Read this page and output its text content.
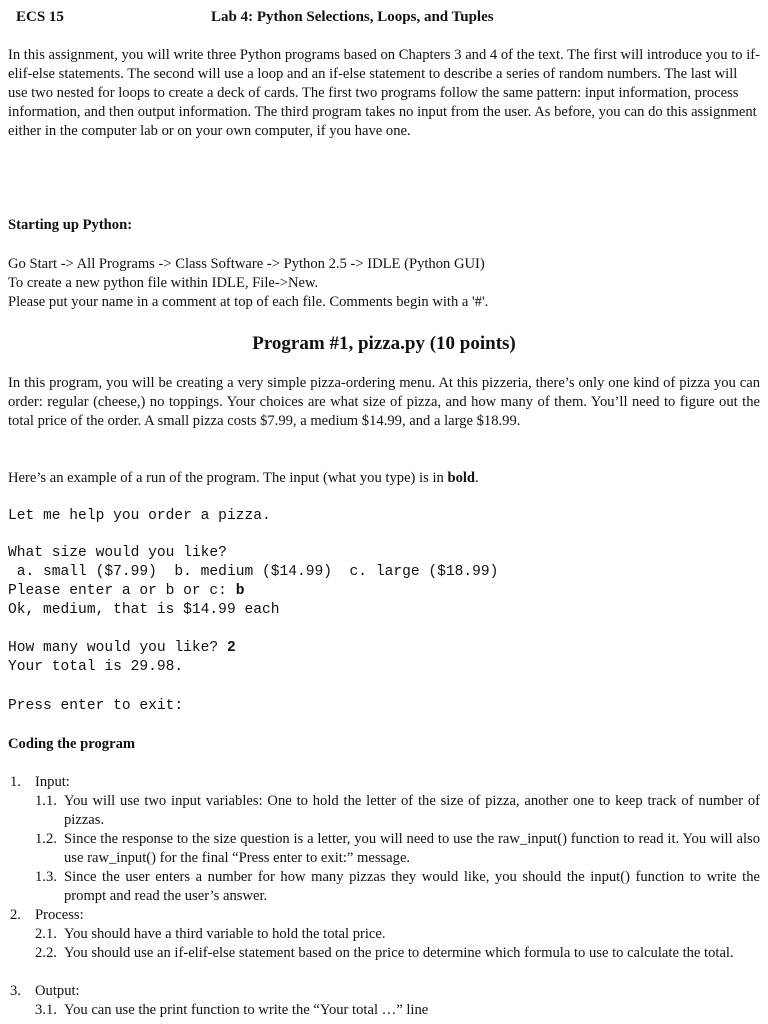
ECS 15	Lab 4: Python Selections, Loops, and Tuples

In this assignment, you will write three Python programs based on Chapters 3 and 4 of the text. The first will introduce you to if-elif-else statements. The second will use a loop and an if-else statement to describe a series of random numbers. The last will use two nested for loops to create a deck of cards. The first two programs follow the same pattern: input information, process information, and then output information. The third program takes no input from the user. As before, you can do this assignment either in the computer lab or on your own computer, if you have one.

Starting up Python:

Go Start -> All Programs -> Class Software -> Python 2.5 -> IDLE (Python GUI)

To create a new python file within IDLE, File->New.

Please put your name in a comment at top of each file. Comments begin with a '#'.

Program #1, pizza.py (10 points)

In this program, you will be creating a very simple pizza-ordering menu. At this pizzeria, there’s only one kind of pizza you can order: regular (cheese,) no toppings. Your choices are what size of pizza, and how many of them. You’ll need to figure out the total price of the order. A small pizza costs $7.99, a medium $14.99, and a large $18.99.

Here’s an example of a run of the program. The input (what you type) is in bold.

Let me help you order a pizza.
What size would you like?
a. small ($7.99)  b. medium ($14.99)  c. large ($18.99)
Please enter a or b or c: b
Ok, medium, that is $14.99 each
How many would you like? 2
Your total is 29.98.
Press enter to exit:

Coding the program

1. Input:
1.1. You will use two input variables: One to hold the letter of the size of pizza, another one to keep track of number of pizzas.
1.2. Since the response to the size question is a letter, you will need to use the raw_input() function to read it. You will also use raw_input() for the final “Press enter to exit:” message.
1.3. Since the user enters a number for how many pizzas they would like, you should the input() function to write the prompt and read the user’s answer.
2. Process:
2.1. You should have a third variable to hold the total price.
2.2. You should use an if-elif-else statement based on the price to determine which formula to use to calculate the total.
3. Output:
3.1. You can use the print function to write the “Your total …” line
